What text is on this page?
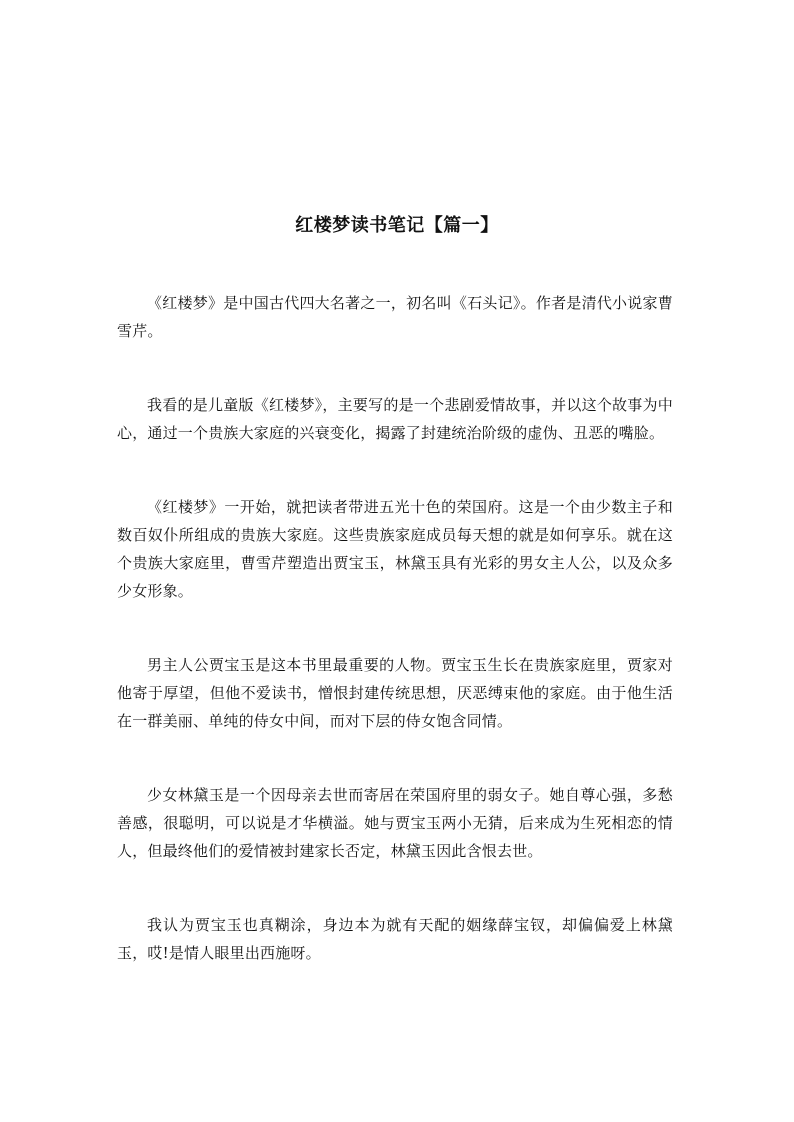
红楼梦读书笔记【篇一】

《红楼梦》是中国古代四大名著之一，初名叫《石头记》。作者是清代小说家曹雪芹。

我看的是儿童版《红楼梦》，主要写的是一个悲剧爱情故事，并以这个故事为中心，通过一个贵族大家庭的兴衰变化，揭露了封建统治阶级的虚伪、丑恶的嘴脸。

《红楼梦》一开始，就把读者带进五光十色的荣国府。这是一个由少数主子和数百奴仆所组成的贵族大家庭。这些贵族家庭成员每天想的就是如何享乐。就在这个贵族大家庭里，曹雪芹塑造出贾宝玉，林黛玉具有光彩的男女主人公，以及众多少女形象。

男主人公贾宝玉是这本书里最重要的人物。贾宝玉生长在贵族家庭里，贾家对他寄于厚望，但他不爱读书，憎恨封建传统思想，厌恶缚束他的家庭。由于他生活在一群美丽、单纯的侍女中间，而对下层的侍女饱含同情。

少女林黛玉是一个因母亲去世而寄居在荣国府里的弱女子。她自尊心强，多愁善感，很聪明，可以说是才华横溢。她与贾宝玉两小无猜，后来成为生死相恋的情人，但最终他们的爱情被封建家长否定，林黛玉因此含恨去世。

我认为贾宝玉也真糊涂，身边本为就有天配的姻缘薛宝钗，却偏偏爱上林黛玉，哎!是情人眼里出西施呀。
